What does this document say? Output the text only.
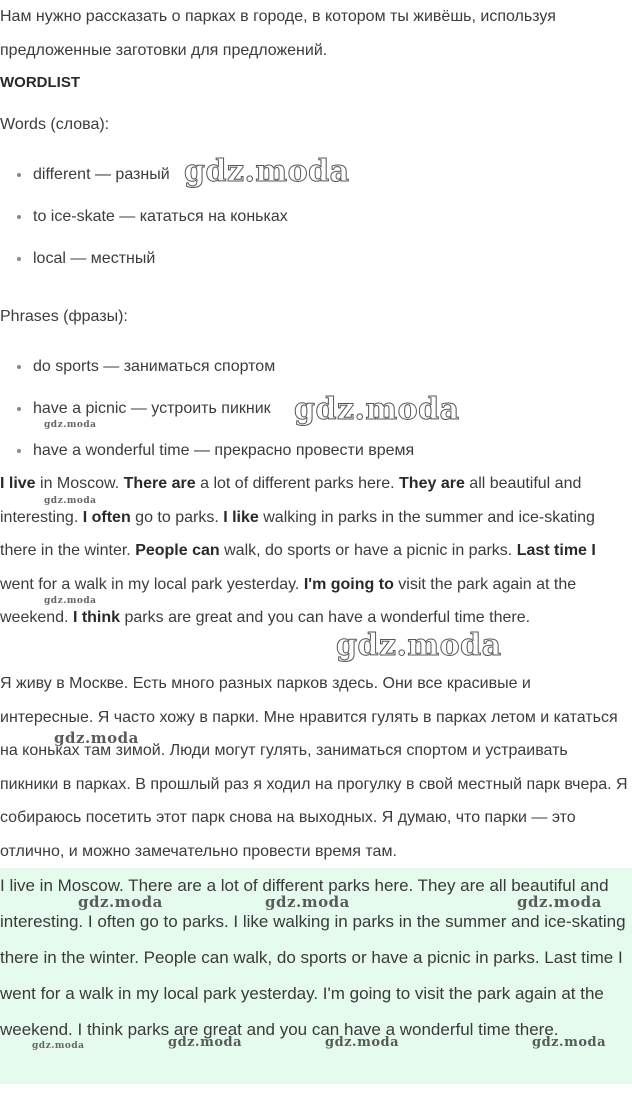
Нам нужно рассказать о парках в городе, в котором ты живёшь, используя предложенные заготовки для предложений.

WORDLIST

Words (слова):

different — разный
to ice-skate — кататься на коньках
local — местный

Phrases (фразы):

do sports — заниматься спортом
have a picnic — устроить пикник
have a wonderful time — прекрасно провести время

I live in Moscow. There are a lot of different parks here. They are all beautiful and interesting. I often go to parks. I like walking in parks in the summer and ice-skating there in the winter. People can walk, do sports or have a picnic in parks. Last time I went for a walk in my local park yesterday. I'm going to visit the park again at the weekend. I think parks are great and you can have a wonderful time there.

Я живу в Москве. Есть много разных парков здесь. Они все красивые и интересные. Я часто хожу в парки. Мне нравится гулять в парках летом и кататься на коньках там зимой. Люди могут гулять, заниматься спортом и устраивать пикники в парках. В прошлый раз я ходил на прогулку в свой местный парк вчера. Я собираюсь посетить этот парк снова на выходных. Я думаю, что парки — это отлично, и можно замечательно провести время там.

I live in Moscow. There are a lot of different parks here. They are all beautiful and interesting. I often go to parks. I like walking in parks in the summer and ice-skating there in the winter. People can walk, do sports or have a picnic in parks. Last time I went for a walk in my local park yesterday. I'm going to visit the park again at the weekend. I think parks are great and you can have a wonderful time there.

gdz.moda
gdz.moda
gdz.moda
gdz.moda
gdz.moda
gdz.moda
gdz.moda
gdz.moda	gdz.moda	gdz.moda
gdz.moda	gdz.moda	gdz.moda	gdz.moda
